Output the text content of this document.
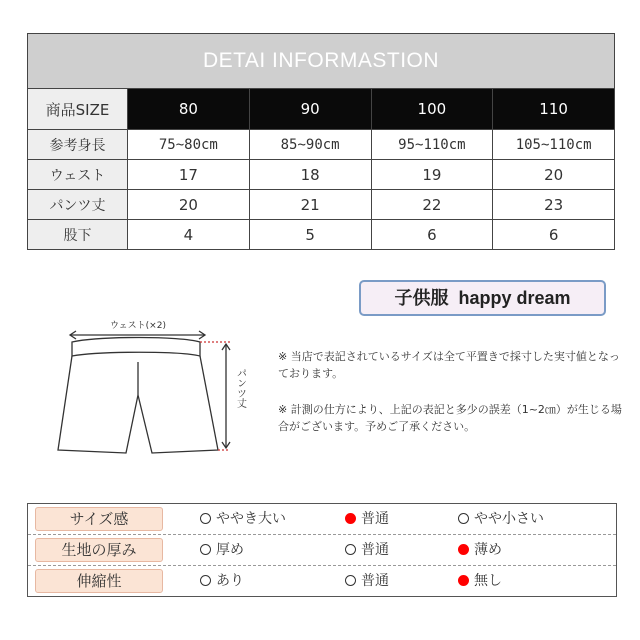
DETAI INFORMASTION				
商品SIZE	80	90	100	110
参考身長	75~80cm	85~90cm	95~110cm	105~110cm
ウェスト	17	18	19	20
パンツ丈	20	21	22	23
股下	4	5	6	6
子供服 happy dream
ウェスト(×2)
パンツ丈
※ 当店で表記されているサイズは全て平置きで採寸した実寸値となっております。
※ 計測の仕方により、上記の表記と多少の誤差（1~2㎝）が生じる場合がございます。予めご了承ください。
サイズ感	ややき大い	普通	やや小さい
生地の厚み	厚め	普通	薄め
伸縮性	あり	普通	無し
